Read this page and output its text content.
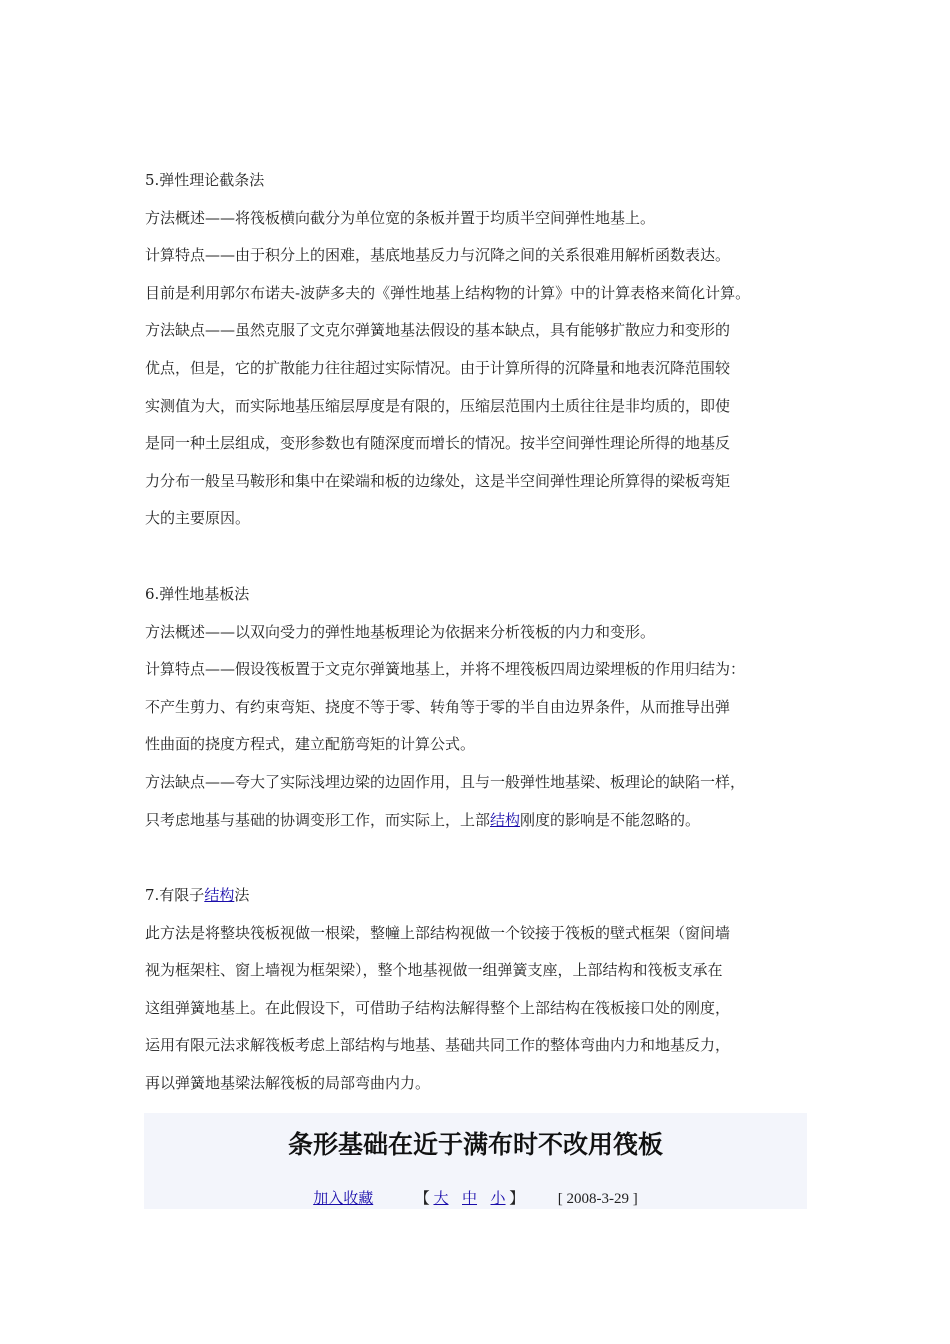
5.弹性理论截条法
方法概述——将筏板横向截分为单位宽的条板并置于均质半空间弹性地基上。
计算特点——由于积分上的困难，基底地基反力与沉降之间的关系很难用解析函数表达。
目前是利用郭尔布诺夫-波萨多夫的《弹性地基上结构物的计算》中的计算表格来简化计算。
方法缺点——虽然克服了文克尔弹簧地基法假设的基本缺点，具有能够扩散应力和变形的
优点，但是，它的扩散能力往往超过实际情况。由于计算所得的沉降量和地表沉降范围较
实测值为大，而实际地基压缩层厚度是有限的，压缩层范围内土质往往是非均质的，即使
是同一种土层组成，变形参数也有随深度而增长的情况。按半空间弹性理论所得的地基反
力分布一般呈马鞍形和集中在梁端和板的边缘处，这是半空间弹性理论所算得的梁板弯矩
大的主要原因。
6.弹性地基板法
方法概述——以双向受力的弹性地基板理论为依据来分析筏板的内力和变形。
计算特点——假设筏板置于文克尔弹簧地基上，并将不埋筏板四周边梁埋板的作用归结为：
不产生剪力、有约束弯矩、挠度不等于零、转角等于零的半自由边界条件，从而推导出弹
性曲面的挠度方程式，建立配筋弯矩的计算公式。
方法缺点——夸大了实际浅埋边梁的边固作用，且与一般弹性地基梁、板理论的缺陷一样，
只考虑地基与基础的协调变形工作，而实际上，上部结构刚度的影响是不能忽略的。
7.有限子结构法
此方法是将整块筏板视做一根梁，整幢上部结构视做一个铰接于筏板的壁式框架（窗间墙
视为框架柱、窗上墙视为框架梁），整个地基视做一组弹簧支座，上部结构和筏板支承在
这组弹簧地基上。在此假设下，可借助子结构法解得整个上部结构在筏板接口处的刚度，
运用有限元法求解筏板考虑上部结构与地基、基础共同工作的整体弯曲内力和地基反力，
再以弹簧地基梁法解筏板的局部弯曲内力。
条形基础在近于满布时不改用筏板
加入收藏	【 大 中 小 】 [ 2008-3-29 ]
